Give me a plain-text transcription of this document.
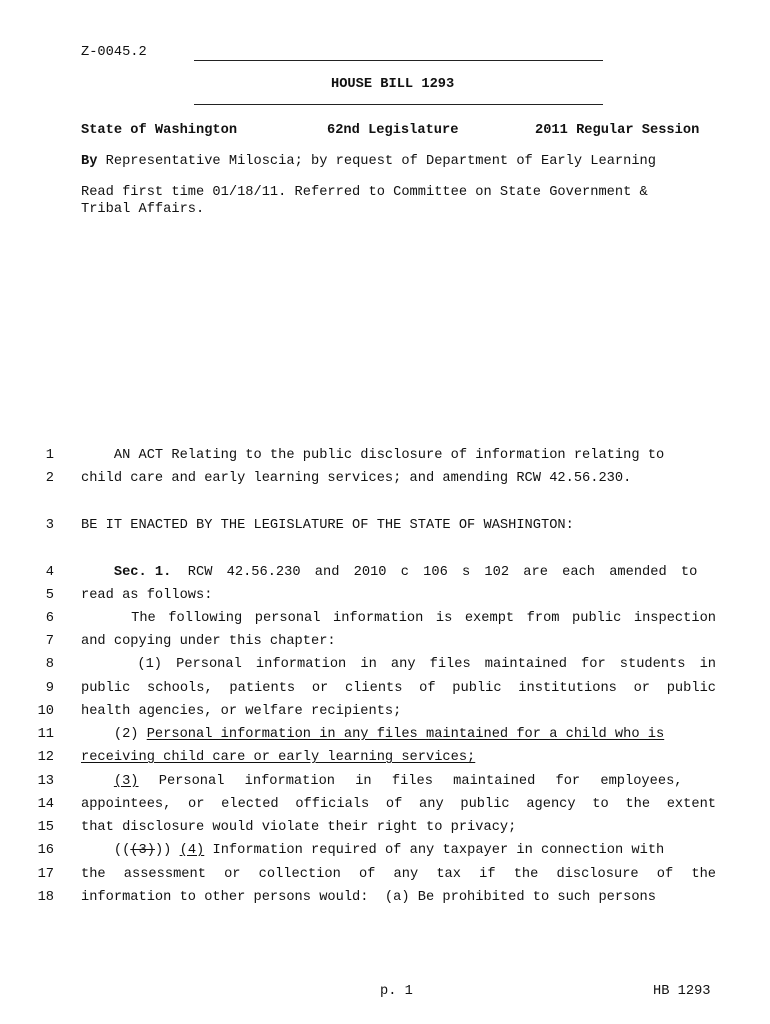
Z-0045.2
HOUSE BILL 1293
State of Washington	62nd Legislature	2011 Regular Session
By Representative Miloscia; by request of Department of Early Learning
Read first time 01/18/11. Referred to Committee on State Government &
Tribal Affairs.
1 AN ACT Relating to the public disclosure of information relating to
2 child care and early learning services; and amending RCW 42.56.230.
3 BE IT ENACTED BY THE LEGISLATURE OF THE STATE OF WASHINGTON:
4	Sec. 1. RCW 42.56.230 and 2010 c 106 s 102 are each amended to
5 read as follows:
6 The following personal information is exempt from public inspection
7 and copying under this chapter:
8 (1) Personal information in any files maintained for students in
9 public schools, patients or clients of public institutions or public
10 health agencies, or welfare recipients;
11 (2) Personal information in any files maintained for a child who is
12 receiving child care or early learning services;
13	(3) Personal information in files maintained for employees,
14 appointees, or elected officials of any public agency to the extent
15 that disclosure would violate their right to privacy;
16 (((3))) (4) Information required of any taxpayer in connection with
17 the assessment or collection of any tax if the disclosure of the
18 information to other persons would:  (a) Be prohibited to such persons
p. 1	HB 1293
